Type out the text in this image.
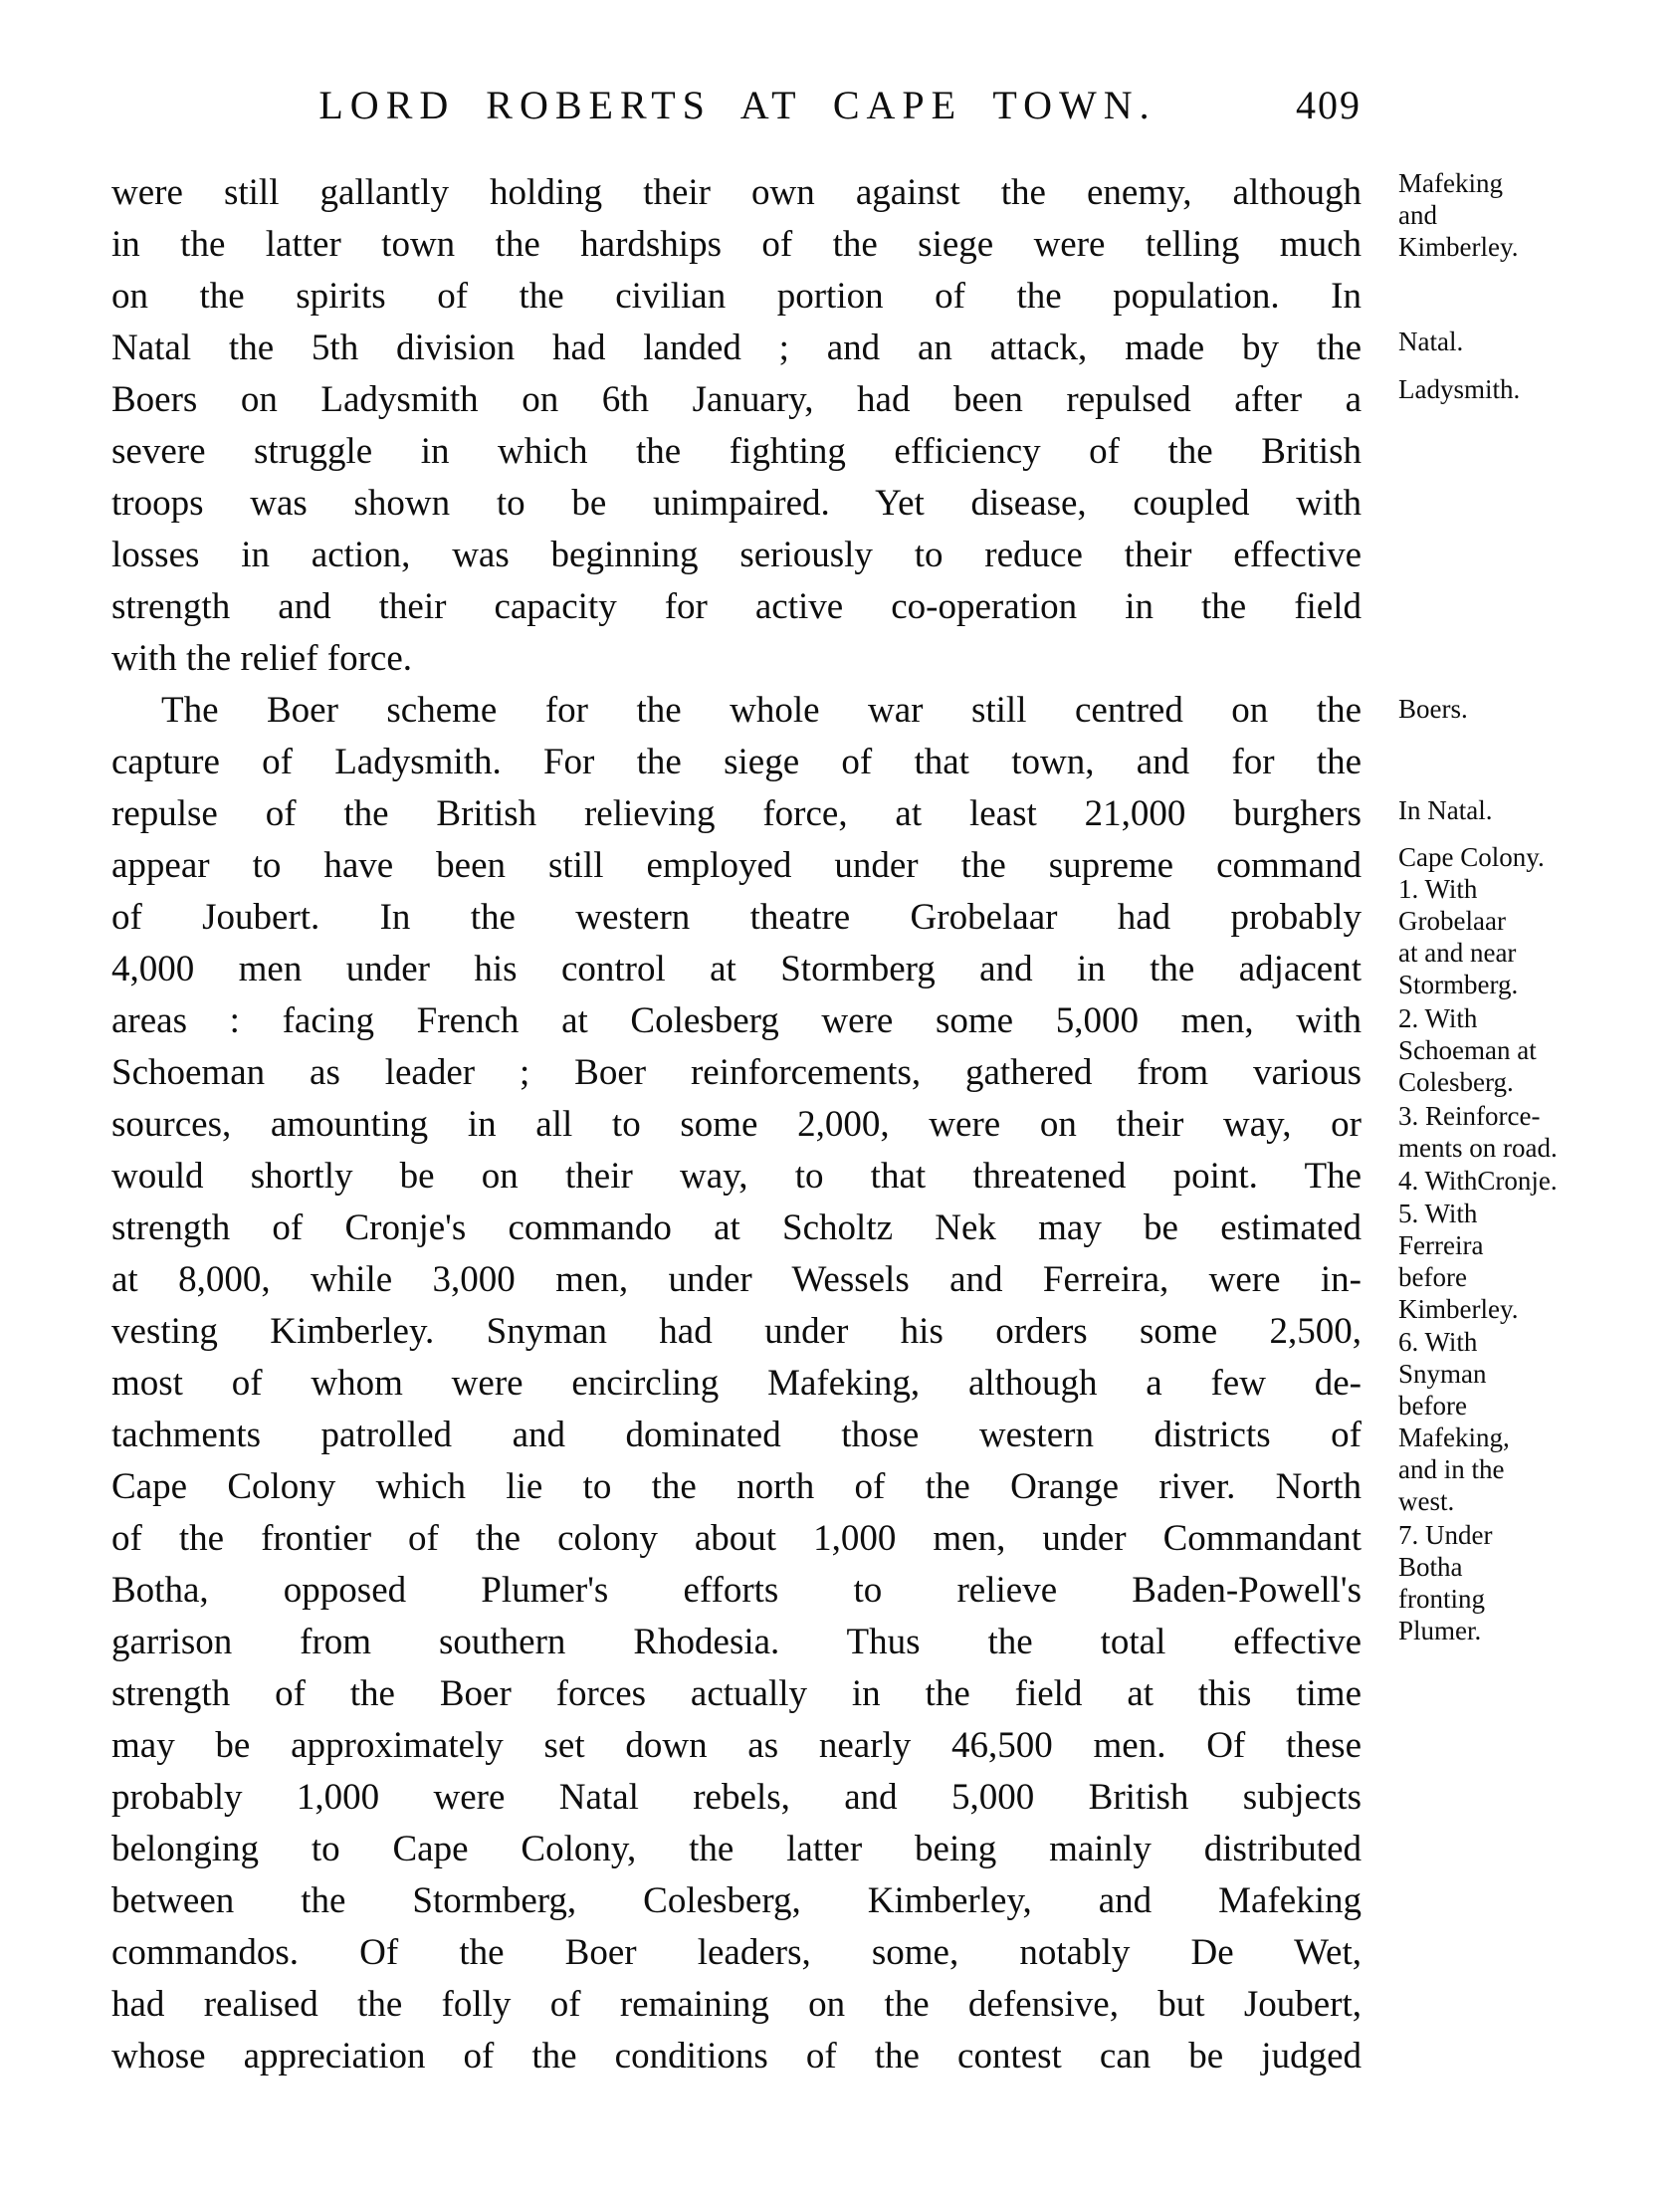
LORD ROBERTS AT CAPE TOWN.	409
were still gallantly holding their own against the enemy, although
in the latter town the hardships of the siege were telling much
on the spirits of the civilian portion of the population. In
Natal the 5th division had landed ; and an attack, made by the
Boers on Ladysmith on 6th January, had been repulsed after a
severe struggle in which the fighting efficiency of the British
troops was shown to be unimpaired. Yet disease, coupled with
losses in action, was beginning seriously to reduce their effective
strength and their capacity for active co-operation in the field
with the relief force.
The Boer scheme for the whole war still centred on the
capture of Ladysmith. For the siege of that town, and for the
repulse of the British relieving force, at least 21,000 burghers
appear to have been still employed under the supreme command
of Joubert. In the western theatre Grobelaar had probably
4,000 men under his control at Stormberg and in the adjacent
areas : facing French at Colesberg were some 5,000 men, with
Schoeman as leader ; Boer reinforcements, gathered from various
sources, amounting in all to some 2,000, were on their way, or
would shortly be on their way, to that threatened point. The
strength of Cronje's commando at Scholtz Nek may be estimated
at 8,000, while 3,000 men, under Wessels and Ferreira, were in-
vesting Kimberley. Snyman had under his orders some 2,500,
most of whom were encircling Mafeking, although a few de-
tachments patrolled and dominated those western districts of
Cape Colony which lie to the north of the Orange river. North
of the frontier of the colony about 1,000 men, under Commandant
Botha, opposed Plumer's efforts to relieve Baden-Powell's
garrison from southern Rhodesia. Thus the total effective
strength of the Boer forces actually in the field at this time
may be approximately set down as nearly 46,500 men. Of these
probably 1,000 were Natal rebels, and 5,000 British subjects
belonging to Cape Colony, the latter being mainly distributed
between the Stormberg, Colesberg, Kimberley, and Mafeking
commandos. Of the Boer leaders, some, notably De Wet,
had realised the folly of remaining on the defensive, but Joubert,
whose appreciation of the conditions of the contest can be judged
Mafeking
and
Kimberley.
Natal.
Ladysmith.
Boers.
In Natal.
Cape Colony.
1. With
Grobelaar
at and near
Stormberg.
2. With
Schoeman at
Colesberg.
3. Reinforce-
ments on road.
4. WithCronje.
5. With
Ferreira
before
Kimberley.
6. With
Snyman
before
Mafeking,
and in the
west.
7. Under
Botha
fronting
Plumer.
